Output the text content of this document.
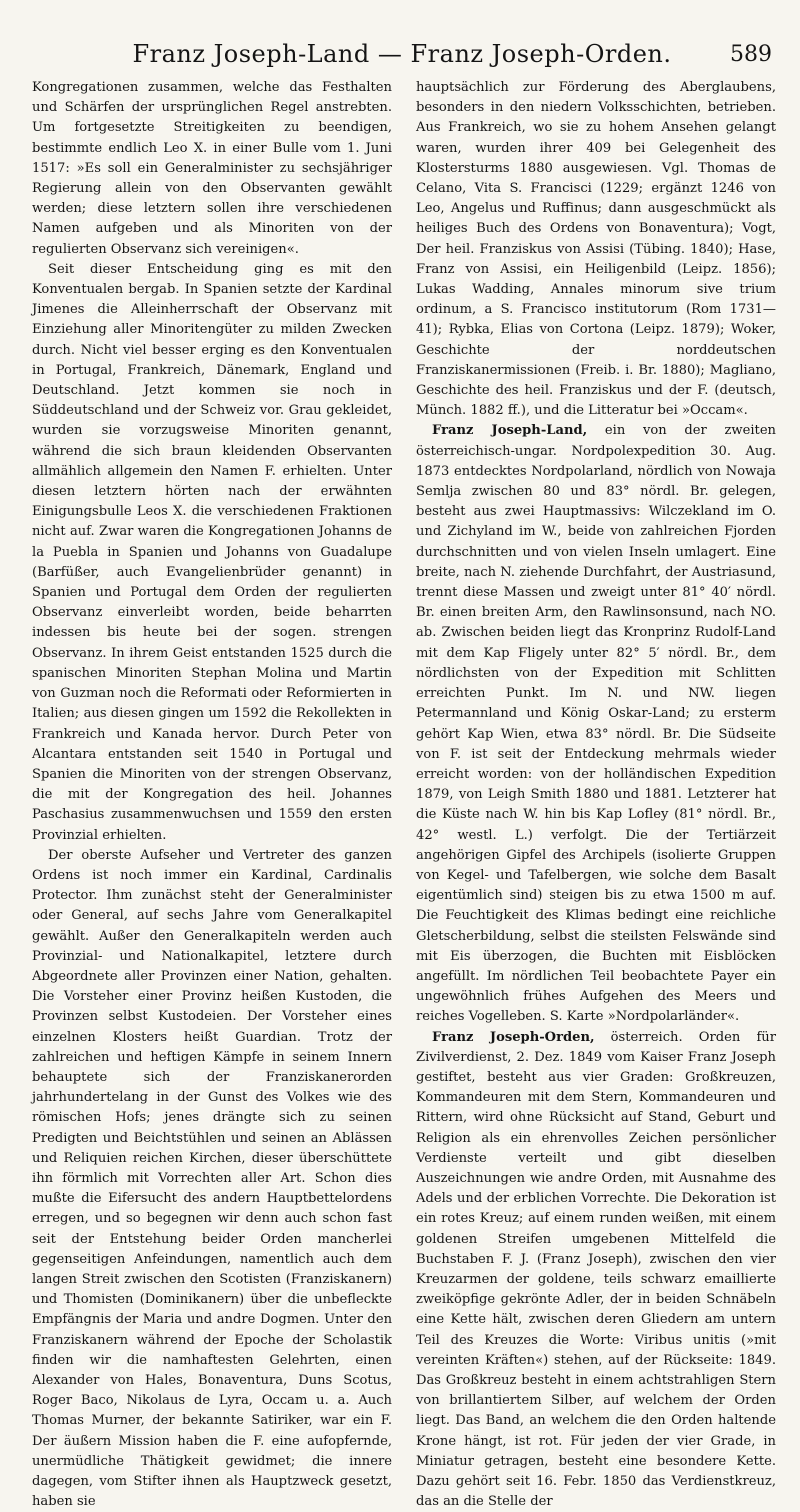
Franz Joseph-Land — Franz Joseph-Orden.	589

Kongregationen zusammen, welche das Festhalten und Schärfen der ursprünglichen Regel anstrebten. Um fortgesetzte Streitigkeiten zu beendigen, bestimmte endlich Leo X. in einer Bulle vom 1. Juni 1517: »Es soll ein Generalminister zu sechsjähriger Regierung allein von den Observanten gewählt werden; diese letztern sollen ihre verschiedenen Namen aufgeben und als Minoriten von der regulierten Observanz sich vereinigen«.

Seit dieser Entscheidung ging es mit den Konventualen bergab. In Spanien setzte der Kardinal Jimenes die Alleinherrschaft der Observanz mit Einziehung aller Minoritengüter zu milden Zwecken durch. Nicht viel besser erging es den Konventualen in Portugal, Frankreich, Dänemark, England und Deutschland. Jetzt kommen sie noch in Süddeutschland und der Schweiz vor. Grau gekleidet, wurden sie vorzugsweise Minoriten genannt, während die sich braun kleidenden Observanten allmählich allgemein den Namen F. erhielten. Unter diesen letztern hörten nach der erwähnten Einigungsbulle Leos X. die verschiedenen Fraktionen nicht auf. Zwar waren die Kongregationen Johanns de la Puebla in Spanien und Johanns von Guadalupe (Barfüßer, auch Evangelienbrüder genannt) in Spanien und Portugal dem Orden der regulierten Observanz einverleibt worden, beide beharrten indessen bis heute bei der sogen. strengen Observanz. In ihrem Geist entstanden 1525 durch die spanischen Minoriten Stephan Molina und Martin von Guzman noch die Reformati oder Reformierten in Italien; aus diesen gingen um 1592 die Rekollekten in Frankreich und Kanada hervor. Durch Peter von Alcantara entstanden seit 1540 in Portugal und Spanien die Minoriten von der strengen Observanz, die mit der Kongregation des heil. Johannes Paschasius zusammenwuchsen und 1559 den ersten Provinzial erhielten.

Der oberste Aufseher und Vertreter des ganzen Ordens ist noch immer ein Kardinal, Cardinalis Protector. Ihm zunächst steht der Generalminister oder General, auf sechs Jahre vom Generalkapitel gewählt. Außer den Generalkapiteln werden auch Provinzial- und Nationalkapitel, letztere durch Abgeordnete aller Provinzen einer Nation, gehalten. Die Vorsteher einer Provinz heißen Kustoden, die Provinzen selbst Kustodeien. Der Vorsteher eines einzelnen Klosters heißt Guardian. Trotz der zahlreichen und heftigen Kämpfe in seinem Innern behauptete sich der Franziskanerorden jahrhundertelang in der Gunst des Volkes wie des römischen Hofs; jenes drängte sich zu seinen Predigten und Beichtstühlen und seinen an Ablässen und Reliquien reichen Kirchen, dieser überschüttete ihn förmlich mit Vorrechten aller Art. Schon dies mußte die Eifersucht des andern Hauptbettelordens erregen, und so begegnen wir denn auch schon fast seit der Entstehung beider Orden mancherlei gegenseitigen Anfeindungen, namentlich auch dem langen Streit zwischen den Scotisten (Franziskanern) und Thomisten (Dominikanern) über die unbefleckte Empfängnis der Maria und andre Dogmen. Unter den Franziskanern während der Epoche der Scholastik finden wir die namhaftesten Gelehrten, einen Alexander von Hales, Bonaventura, Duns Scotus, Roger Baco, Nikolaus de Lyra, Occam u. a. Auch Thomas Murner, der bekannte Satiriker, war ein F. Der äußern Mission haben die F. eine aufopfernde, unermüdliche Thätigkeit gewidmet; die innere dagegen, vom Stifter ihnen als Hauptzweck gesetzt, haben sie

hauptsächlich zur Förderung des Aberglaubens, besonders in den niedern Volksschichten, betrieben. Aus Frankreich, wo sie zu hohem Ansehen gelangt waren, wurden ihrer 409 bei Gelegenheit des Klostersturms 1880 ausgewiesen. Vgl. Thomas de Celano, Vita S. Francisci (1229; ergänzt 1246 von Leo, Angelus und Ruffinus; dann ausgeschmückt als heiliges Buch des Ordens von Bonaventura); Vogt, Der heil. Franziskus von Assisi (Tübing. 1840); Hase, Franz von Assisi, ein Heiligenbild (Leipz. 1856); Lukas Wadding, Annales minorum sive trium ordinum, a S. Francisco institutorum (Rom 1731—41); Rybka, Elias von Cortona (Leipz. 1879); Woker, Geschichte der norddeutschen Franziskanermissionen (Freib. i. Br. 1880); Magliano, Geschichte des heil. Franziskus und der F. (deutsch, Münch. 1882 ff.), und die Litteratur bei »Occam«.

Franz Joseph-Land, ein von der zweiten österreichisch-ungar. Nordpolexpedition 30. Aug. 1873 entdecktes Nordpolarland, nördlich von Nowaja Semlja zwischen 80 und 83° nördl. Br. gelegen, besteht aus zwei Hauptmassivs: Wilczekland im O. und Zichyland im W., beide von zahlreichen Fjorden durchschnitten und von vielen Inseln umlagert. Eine breite, nach N. ziehende Durchfahrt, der Austriasund, trennt diese Massen und zweigt unter 81° 40′ nördl. Br. einen breiten Arm, den Rawlinsonsund, nach NO. ab. Zwischen beiden liegt das Kronprinz Rudolf-Land mit dem Kap Fligely unter 82° 5′ nördl. Br., dem nördlichsten von der Expedition mit Schlitten erreichten Punkt. Im N. und NW. liegen Petermannland und König Oskar-Land; zu ersterm gehört Kap Wien, etwa 83° nördl. Br. Die Südseite von F. ist seit der Entdeckung mehrmals wieder erreicht worden: von der holländischen Expedition 1879, von Leigh Smith 1880 und 1881. Letzterer hat die Küste nach W. hin bis Kap Lofley (81° nördl. Br., 42° westl. L.) verfolgt. Die der Tertiärzeit angehörigen Gipfel des Archipels (isolierte Gruppen von Kegel- und Tafelbergen, wie solche dem Basalt eigentümlich sind) steigen bis zu etwa 1500 m auf. Die Feuchtigkeit des Klimas bedingt eine reichliche Gletscherbildung, selbst die steilsten Felswände sind mit Eis überzogen, die Buchten mit Eisblöcken angefüllt. Im nördlichen Teil beobachtete Payer ein ungewöhnlich frühes Aufgehen des Meers und reiches Vogelleben. S. Karte »Nordpolarländer«.

Franz Joseph-Orden, österreich. Orden für Zivilverdienst, 2. Dez. 1849 vom Kaiser Franz Joseph gestiftet, besteht aus vier Graden: Großkreuzen, Kommandeuren mit dem Stern, Kommandeuren und Rittern, wird ohne Rücksicht auf Stand, Geburt und Religion als ein ehrenvolles Zeichen persönlicher Verdienste verteilt und gibt dieselben Auszeichnungen wie andre Orden, mit Ausnahme des Adels und der erblichen Vorrechte. Die Dekoration ist ein rotes Kreuz; auf einem runden weißen, mit einem goldenen Streifen umgebenen Mittelfeld die Buchstaben F. J. (Franz Joseph), zwischen den vier Kreuzarmen der goldene, teils schwarz emaillierte zweiköpfige gekrönte Adler, der in beiden Schnäbeln eine Kette hält, zwischen deren Gliedern am untern Teil des Kreuzes die Worte: Viribus unitis (»mit vereinten Kräften«) stehen, auf der Rückseite: 1849. Das Großkreuz besteht in einem achtstrahligen Stern von brillantiertem Silber, auf welchem der Orden liegt. Das Band, an welchem die den Orden haltende Krone hängt, ist rot. Für jeden der vier Grade, in Miniatur getragen, besteht eine besondere Kette. Dazu gehört seit 16. Febr. 1850 das Verdienstkreuz, das an die Stelle der
